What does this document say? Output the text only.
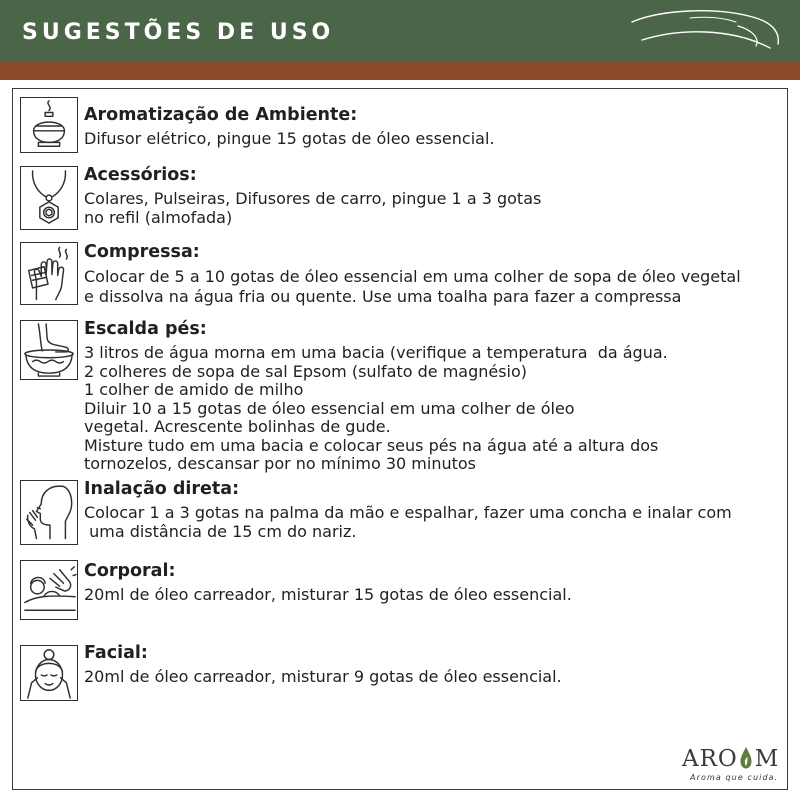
SUGESTÕES DE USO
Aromatização de Ambiente:
Difusor elétrico, pingue 15 gotas de óleo essencial.
Acessórios:
Colares, Pulseiras, Difusores de carro, pingue 1 a 3 gotas
no refil (almofada)
Compressa:
Colocar de 5 a 10 gotas de óleo essencial em uma colher de sopa de óleo vegetal
e dissolva na água fria ou quente. Use uma toalha para fazer a compressa
Escalda pés:
3 litros de água morna em uma bacia (verifique a temperatura  da água.
2 colheres de sopa de sal Epsom (sulfato de magnésio)
1 colher de amido de milho
Diluir 10 a 15 gotas de óleo essencial em uma colher de óleo
vegetal. Acrescente bolinhas de gude.
Misture tudo em uma bacia e colocar seus pés na água até a altura dos
tornozelos, descansar por no mínimo 30 minutos
Inalação direta:
Colocar 1 a 3 gotas na palma da mão e espalhar, fazer uma concha e inalar com
uma distância de 15 cm do nariz.
Corporal:
20ml de óleo carreador, misturar 15 gotas de óleo essencial.
Facial:
20ml de óleo carreador, misturar 9 gotas de óleo essencial.
ARO M
Aroma que cuida.
